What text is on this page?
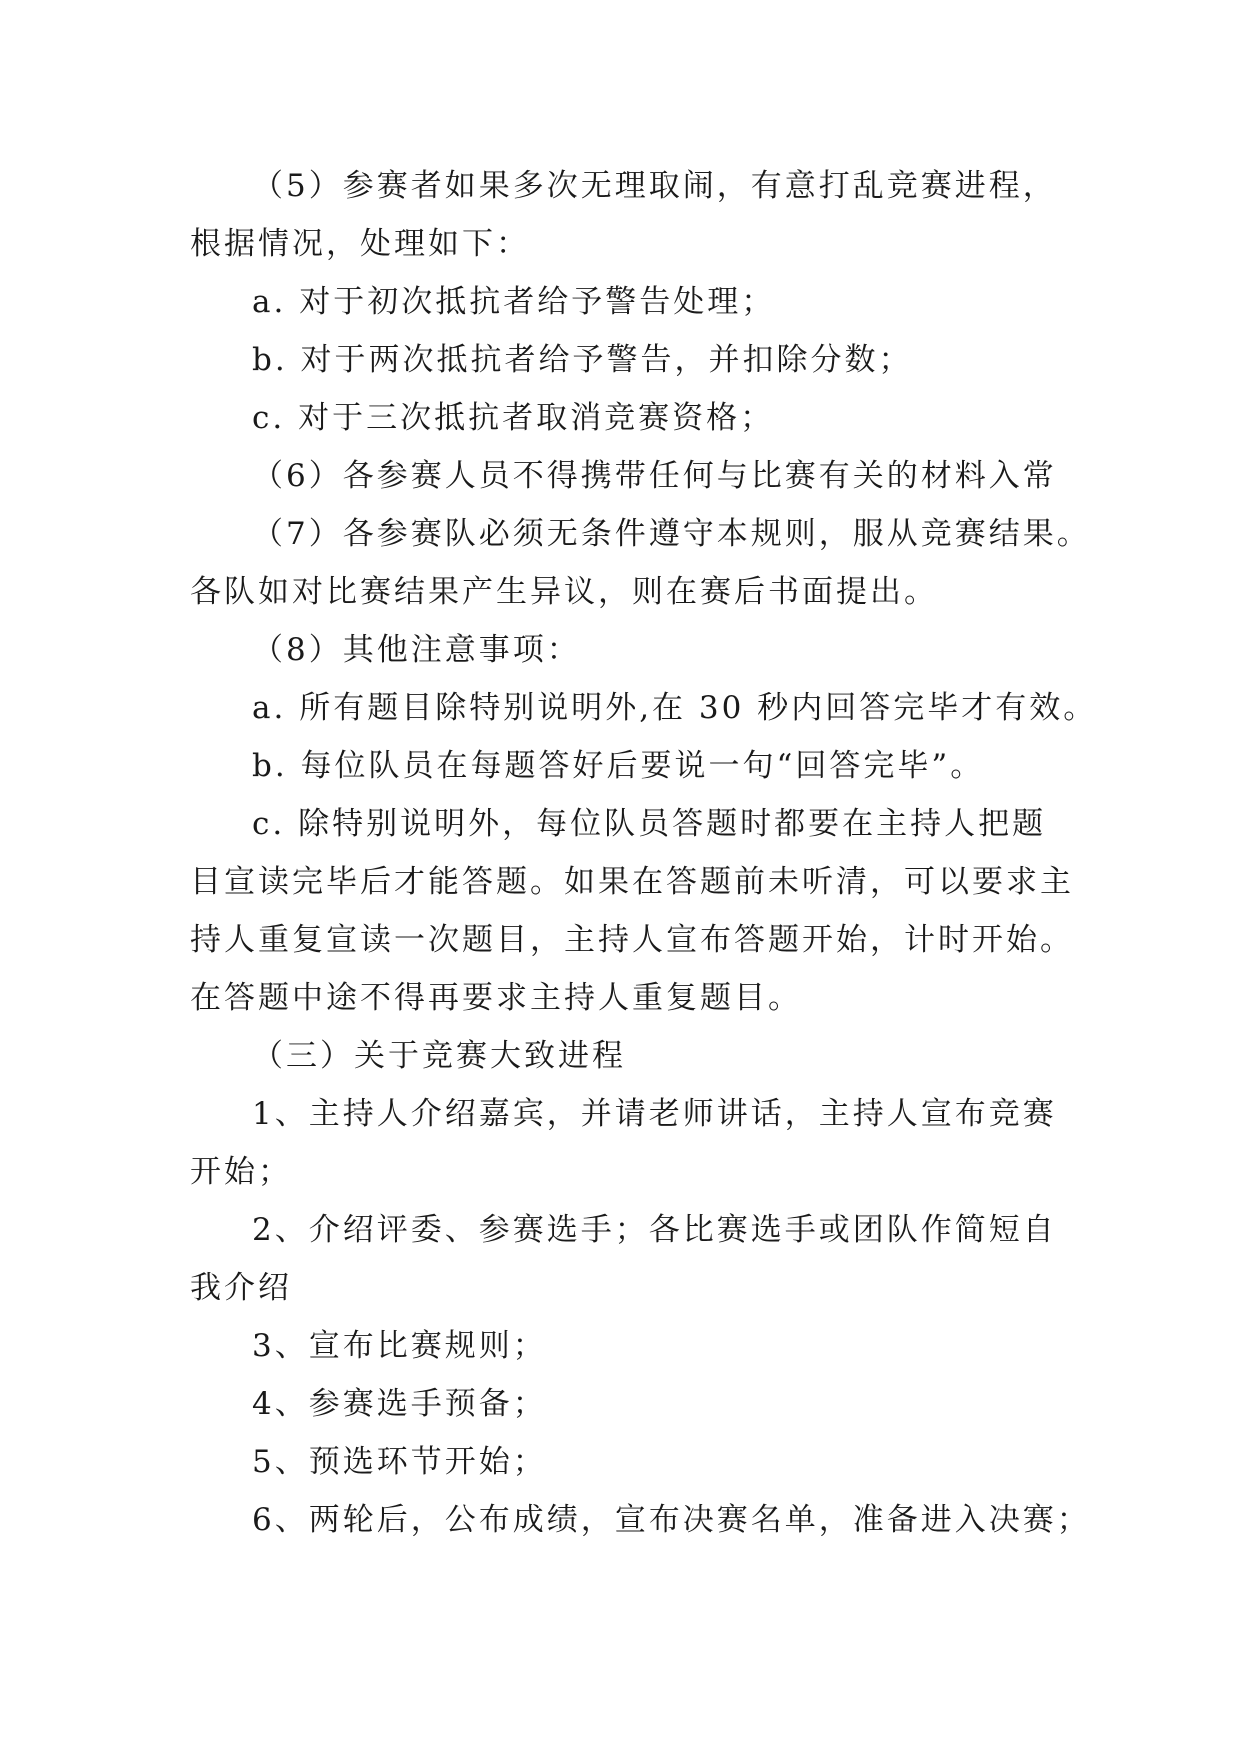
（5）参赛者如果多次无理取闹，有意打乱竞赛进程，
根据情况，处理如下：
a. 对于初次抵抗者给予警告处理；
b. 对于两次抵抗者给予警告，并扣除分数；
c. 对于三次抵抗者取消竞赛资格；
（6）各参赛人员不得携带任何与比赛有关的材料入常
（7）各参赛队必须无条件遵守本规则，服从竞赛结果。
各队如对比赛结果产生异议，则在赛后书面提出。
（8）其他注意事项：
a. 所有题目除特别说明外,在 30 秒内回答完毕才有效。
b. 每位队员在每题答好后要说一句“回答完毕”。
c. 除特别说明外，每位队员答题时都要在主持人把题
目宣读完毕后才能答题。如果在答题前未听清，可以要求主
持人重复宣读一次题目，主持人宣布答题开始，计时开始。
在答题中途不得再要求主持人重复题目。
（三）关于竞赛大致进程
1、主持人介绍嘉宾，并请老师讲话，主持人宣布竞赛
开始；
2、介绍评委、参赛选手；各比赛选手或团队作简短自
我介绍
3、宣布比赛规则；
4、参赛选手预备；
5、预选环节开始；
6、两轮后，公布成绩，宣布决赛名单，准备进入决赛；
